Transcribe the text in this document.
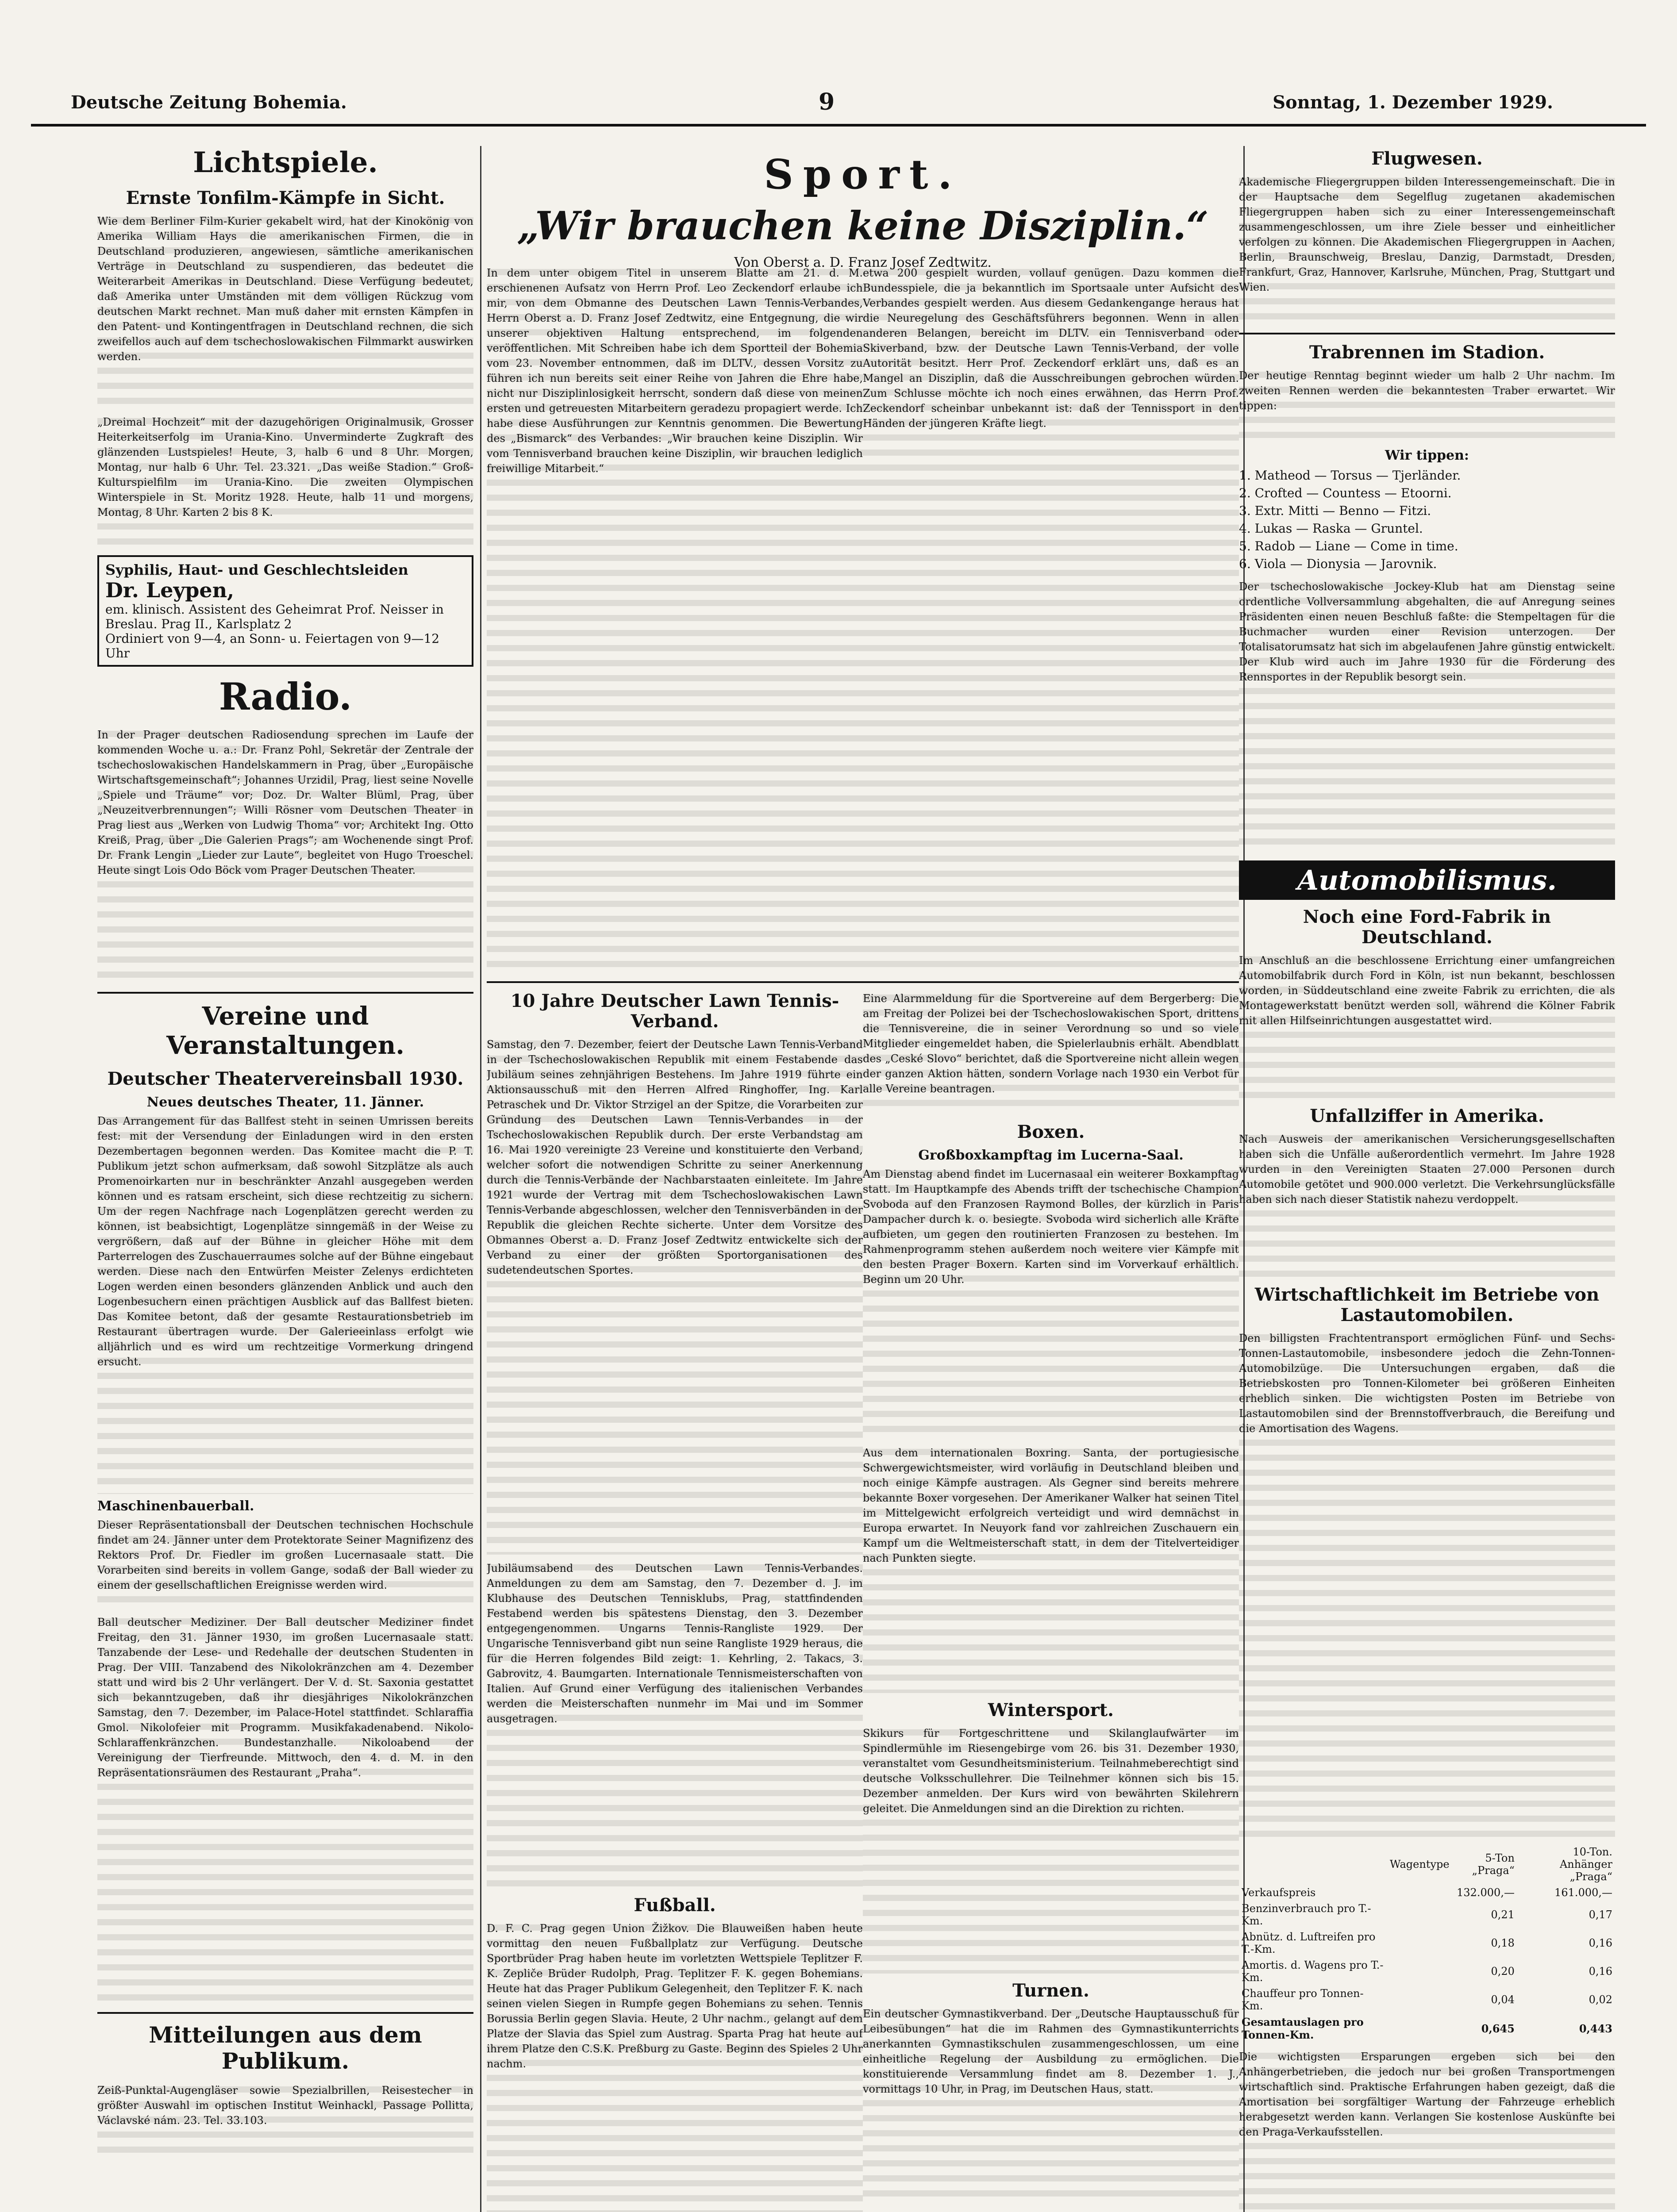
Deutsche Zeitung Bohemia.	9	Sonntag, 1. Dezember 1929.
Lichtspiele.
Ernste Tonfilm-Kämpfe in Sicht.
Wie dem Berliner Film-Kurier gekabelt wird, hat der Kinokönig von Amerika William Hays die amerikanischen Firmen, die in Deutschland produzieren, angewiesen, sämtliche amerikanischen Verträge in Deutschland zu suspendieren, das bedeutet die Weiterarbeit Amerikas in Deutschland. Diese Verfügung bedeutet, daß Amerika unter Umständen mit dem völligen Rückzug vom deutschen Markt rechnet. Man muß daher mit ernsten Kämpfen in den Patent- und Kontingentfragen in Deutschland rechnen, die sich zweifellos auch auf dem tschechoslowakischen Filmmarkt auswirken werden.
„Dreimal Hochzeit“ mit der dazugehörigen Originalmusik, Grosser Heiterkeitserfolg im Urania-Kino. Unverminderte Zugkraft des glänzenden Lustspieles! Heute, 3, halb 6 und 8 Uhr. Morgen, Montag, nur halb 6 Uhr. Tel. 23.321. „Das weiße Stadion.“ Groß-Kulturspielfilm im Urania-Kino. Die zweiten Olympischen Winterspiele in St. Moritz 1928. Heute, halb 11 und morgens, Montag, 8 Uhr. Karten 2 bis 8 K.
Syphilis, Haut- und Geschlechtsleiden
Dr. Leypen,
em. klinisch. Assistent des Geheimrat Prof. Neisser in Breslau. Prag II., Karlsplatz 2
Ordiniert von 9—4, an Sonn- u. Feiertagen von 9—12 Uhr
Radio.
In der Prager deutschen Radiosendung sprechen im Laufe der kommenden Woche u. a.: Dr. Franz Pohl, Sekretär der Zentrale der tschechoslowakischen Handelskammern in Prag, über „Europäische Wirtschaftsgemeinschaft“; Johannes Urzidil, Prag, liest seine Novelle „Spiele und Träume“ vor; Doz. Dr. Walter Blüml, Prag, über „Neuzeitverbrennungen“; Willi Rösner vom Deutschen Theater in Prag liest aus „Werken von Ludwig Thoma“ vor; Architekt Ing. Otto Kreiß, Prag, über „Die Galerien Prags“; am Wochenende singt Prof. Dr. Frank Lengin „Lieder zur Laute“, begleitet von Hugo Troeschel. Heute singt Lois Odo Böck vom Prager Deutschen Theater.
Vereine und Veranstaltungen.
Deutscher Theatervereinsball 1930.
Neues deutsches Theater, 11. Jänner.
Das Arrangement für das Ballfest steht in seinen Umrissen bereits fest: mit der Versendung der Einladungen wird in den ersten Dezembertagen begonnen werden. Das Komitee macht die P. T. Publikum jetzt schon aufmerksam, daß sowohl Sitzplätze als auch Promenoirkarten nur in beschränkter Anzahl ausgegeben werden können und es ratsam erscheint, sich diese rechtzeitig zu sichern. Um der regen Nachfrage nach Logenplätzen gerecht werden zu können, ist beabsichtigt, Logenplätze sinngemäß in der Weise zu vergrößern, daß auf der Bühne in gleicher Höhe mit dem Parterrelogen des Zuschauerraumes solche auf der Bühne eingebaut werden. Diese nach den Entwürfen Meister Zelenys erdichteten Logen werden einen besonders glänzenden Anblick und auch den Logenbesuchern einen prächtigen Ausblick auf das Ballfest bieten. Das Komitee betont, daß der gesamte Restaurationsbetrieb im Restaurant übertragen wurde. Der Galerieeinlass erfolgt wie alljährlich und es wird um rechtzeitige Vormerkung dringend ersucht.
Maschinenbauerball.
Dieser Repräsentationsball der Deutschen technischen Hochschule findet am 24. Jänner unter dem Protektorate Seiner Magnifizenz des Rektors Prof. Dr. Fiedler im großen Lucernasaale statt. Die Vorarbeiten sind bereits in vollem Gange, sodaß der Ball wieder zu einem der gesellschaftlichen Ereignisse werden wird.
Ball deutscher Mediziner. Der Ball deutscher Mediziner findet Freitag, den 31. Jänner 1930, im großen Lucernasaale statt. Tanzabende der Lese- und Redehalle der deutschen Studenten in Prag. Der VIII. Tanzabend des Nikolokränzchen am 4. Dezember statt und wird bis 2 Uhr verlängert. Der V. d. St. Saxonia gestattet sich bekanntzugeben, daß ihr diesjähriges Nikolokränzchen Samstag, den 7. Dezember, im Palace-Hotel stattfindet. Schlaraffia Gmol. Nikolofeier mit Programm. Musikfakadenabend. Nikolo-Schlaraffenkränzchen. Bundestanzhalle. Nikoloabend der Vereinigung der Tierfreunde. Mittwoch, den 4. d. M. in den Repräsentationsräumen des Restaurant „Praha“.
Mitteilungen aus dem Publikum.
Zeiß-Punktal-Augengläser sowie Spezialbrillen, Reisestecher in größter Auswahl im optischen Institut Weinhackl, Passage Pollitta, Václavské nám. 23. Tel. 33.103.
Sport.
„Wir brauchen keine Disziplin.“
Von Oberst a. D. Franz Josef Zedtwitz.
In dem unter obigem Titel in unserem Blatte am 21. d. M. erschienenen Aufsatz von Herrn Prof. Leo Zeckendorf erlaube ich mir, von dem Obmanne des Deutschen Lawn Tennis-Verbandes, Herrn Oberst a. D. Franz Josef Zedtwitz, eine Entgegnung, die wir unserer objektiven Haltung entsprechend, im folgenden veröffentlichen. Mit Schreiben habe ich dem Sportteil der Bohemia vom 23. November entnommen, daß im DLTV., dessen Vorsitz zu führen ich nun bereits seit einer Reihe von Jahren die Ehre habe, nicht nur Disziplinlosigkeit herrscht, sondern daß diese von meinen ersten und getreuesten Mitarbeitern geradezu propagiert werde. Ich habe diese Ausführungen zur Kenntnis genommen. Die Bewertung des „Bismarck“ des Verbandes: „Wir brauchen keine Disziplin. Wir vom Tennisverband brauchen keine Disziplin, wir brauchen lediglich freiwillige Mitarbeit.“
10 Jahre Deutscher Lawn Tennis-Verband.
Samstag, den 7. Dezember, feiert der Deutsche Lawn Tennis-Verband in der Tschechoslowakischen Republik mit einem Festabende das Jubiläum seines zehnjährigen Bestehens. Im Jahre 1919 führte ein Aktionsausschuß mit den Herren Alfred Ringhoffer, Ing. Karl Petraschek und Dr. Viktor Strzigel an der Spitze, die Vorarbeiten zur Gründung des Deutschen Lawn Tennis-Verbandes in der Tschechoslowakischen Republik durch. Der erste Verbandstag am 16. Mai 1920 vereinigte 23 Vereine und konstituierte den Verband, welcher sofort die notwendigen Schritte zu seiner Anerkennung durch die Tennis-Verbände der Nachbarstaaten einleitete. Im Jahre 1921 wurde der Vertrag mit dem Tschechoslowakischen Lawn Tennis-Verbande abgeschlossen, welcher den Tennisverbänden in der Republik die gleichen Rechte sicherte. Unter dem Vorsitze des Obmannes Oberst a. D. Franz Josef Zedtwitz entwickelte sich der Verband zu einer der größten Sportorganisationen des sudetendeutschen Sportes.
Jubiläumsabend des Deutschen Lawn Tennis-Verbandes. Anmeldungen zu dem am Samstag, den 7. Dezember d. J. im Klubhause des Deutschen Tennisklubs, Prag, stattfindenden Festabend werden bis spätestens Dienstag, den 3. Dezember entgegengenommen. Ungarns Tennis-Rangliste 1929. Der Ungarische Tennisverband gibt nun seine Rangliste 1929 heraus, die für die Herren folgendes Bild zeigt: 1. Kehrling, 2. Takacs, 3. Gabrovitz, 4. Baumgarten. Internationale Tennismeisterschaften von Italien. Auf Grund einer Verfügung des italienischen Verbandes werden die Meisterschaften nunmehr im Mai und im Sommer ausgetragen.
Fußball.
D. F. C. Prag gegen Union Žižkov. Die Blauweißen haben heute vormittag den neuen Fußballplatz zur Verfügung. Deutsche Sportbrüder Prag haben heute im vorletzten Wettspiele Teplitzer F. K. Zepliče Brüder Rudolph, Prag. Teplitzer F. K. gegen Bohemians. Heute hat das Prager Publikum Gelegenheit, den Teplitzer F. K. nach seinen vielen Siegen in Rumpfe gegen Bohemians zu sehen. Tennis Borussia Berlin gegen Slavia. Heute, 2 Uhr nachm., gelangt auf dem Platze der Slavia das Spiel zum Austrag. Sparta Prag hat heute auf ihrem Platze den C.S.K. Preßburg zu Gaste. Beginn des Spieles 2 Uhr nachm.
etwa 200 gespielt wurden, vollauf genügen. Dazu kommen die Bundesspiele, die ja bekanntlich im Sportsaale unter Aufsicht des Verbandes gespielt werden. Aus diesem Gedankengange heraus hat die Neuregelung des Geschäftsführers begonnen. Wenn in allen anderen Belangen, bereicht im DLTV. ein Tennisverband oder Skiverband, bzw. der Deutsche Lawn Tennis-Verband, der volle Autorität besitzt. Herr Prof. Zeckendorf erklärt uns, daß es an Mangel an Disziplin, daß die Ausschreibungen gebrochen würden. Zum Schlusse möchte ich noch eines erwähnen, das Herrn Prof. Zeckendorf scheinbar unbekannt ist: daß der Tennissport in den Händen der jüngeren Kräfte liegt.
Eine Alarmmeldung für die Sportvereine auf dem Bergerberg: Die am Freitag der Polizei bei der Tschechoslowakischen Sport, drittens die Tennisvereine, die in seiner Verordnung so und so viele Mitglieder eingemeldet haben, die Spielerlaubnis erhält. Abendblatt des „Ceské Slovo“ berichtet, daß die Sportvereine nicht allein wegen der ganzen Aktion hätten, sondern Vorlage nach 1930 ein Verbot für alle Vereine beantragen.
Boxen.
Großboxkampftag im Lucerna-Saal.
Am Dienstag abend findet im Lucernasaal ein weiterer Boxkampftag statt. Im Hauptkampfe des Abends trifft der tschechische Champion Svoboda auf den Franzosen Raymond Bolles, der kürzlich in Paris Dampacher durch k. o. besiegte. Svoboda wird sicherlich alle Kräfte aufbieten, um gegen den routinierten Franzosen zu bestehen. Im Rahmenprogramm stehen außerdem noch weitere vier Kämpfe mit den besten Prager Boxern. Karten sind im Vorverkauf erhältlich. Beginn um 20 Uhr.
Aus dem internationalen Boxring. Santa, der portugiesische Schwergewichtsmeister, wird vorläufig in Deutschland bleiben und noch einige Kämpfe austragen. Als Gegner sind bereits mehrere bekannte Boxer vorgesehen. Der Amerikaner Walker hat seinen Titel im Mittelgewicht erfolgreich verteidigt und wird demnächst in Europa erwartet. In Neuyork fand vor zahlreichen Zuschauern ein Kampf um die Weltmeisterschaft statt, in dem der Titelverteidiger nach Punkten siegte.
Wintersport.
Skikurs für Fortgeschrittene und Skilanglaufwärter im Spindlermühle im Riesengebirge vom 26. bis 31. Dezember 1930, veranstaltet vom Gesundheitsministerium. Teilnahmeberechtigt sind deutsche Volksschullehrer. Die Teilnehmer können sich bis 15. Dezember anmelden. Der Kurs wird von bewährten Skilehrern geleitet. Die Anmeldungen sind an die Direktion zu richten.
Turnen.
Ein deutscher Gymnastikverband. Der „Deutsche Hauptausschuß für Leibesübungen“ hat die im Rahmen des Gymnastikunterrichts anerkannten Gymnastikschulen zusammengeschlossen, um eine einheitliche Regelung der Ausbildung zu ermöglichen. Die konstituierende Versammlung findet am 8. Dezember 1. J., vormittags 10 Uhr, in Prag, im Deutschen Haus, statt.
Flugwesen.
Akademische Fliegergruppen bilden Interessengemeinschaft. Die in der Hauptsache dem Segelflug zugetanen akademischen Fliegergruppen haben sich zu einer Interessengemeinschaft zusammengeschlossen, um ihre Ziele besser und einheitlicher verfolgen zu können. Die Akademischen Fliegergruppen in Aachen, Berlin, Braunschweig, Breslau, Danzig, Darmstadt, Dresden, Frankfurt, Graz, Hannover, Karlsruhe, München, Prag, Stuttgart und Wien.
Trabrennen im Stadion.
Der heutige Renntag beginnt wieder um halb 2 Uhr nachm. Im zweiten Rennen werden die bekanntesten Traber erwartet. Wir tippen:
Wir tippen:
1. Matheod — Torsus — Tjerländer.
2. Crofted — Countess — Etoorni.
3. Extr. Mitti — Benno — Fitzi.
4. Lukas — Raska — Gruntel.
5. Radob — Liane — Come in time.
6. Viola — Dionysia — Jarovnik.
Der tschechoslowakische Jockey-Klub hat am Dienstag seine ordentliche Vollversammlung abgehalten, die auf Anregung seines Präsidenten einen neuen Beschluß faßte: die Stempeltagen für die Buchmacher wurden einer Revision unterzogen. Der Totalisatorumsatz hat sich im abgelaufenen Jahre günstig entwickelt. Der Klub wird auch im Jahre 1930 für die Förderung des Rennsportes in der Republik besorgt sein.
Automobilismus.
Noch eine Ford-Fabrik in Deutschland.
Im Anschluß an die beschlossene Errichtung einer umfangreichen Automobilfabrik durch Ford in Köln, ist nun bekannt, beschlossen worden, in Süddeutschland eine zweite Fabrik zu errichten, die als Montagewerkstatt benützt werden soll, während die Kölner Fabrik mit allen Hilfseinrichtungen ausgestattet wird.
Unfallziffer in Amerika.
Nach Ausweis der amerikanischen Versicherungsgesellschaften haben sich die Unfälle außerordentlich vermehrt. Im Jahre 1928 wurden in den Vereinigten Staaten 27.000 Personen durch Automobile getötet und 900.000 verletzt. Die Verkehrsunglücksfälle haben sich nach dieser Statistik nahezu verdoppelt.
Wirtschaftlichkeit im Betriebe von Lastautomobilen.
Den billigsten Frachtentransport ermöglichen Fünf- und Sechs-Tonnen-Lastautomobile, insbesondere jedoch die Zehn-Tonnen-Automobilzüge. Die Untersuchungen ergaben, daß die Betriebskosten pro Tonnen-Kilometer bei größeren Einheiten erheblich sinken. Die wichtigsten Posten im Betriebe von Lastautomobilen sind der Brennstoffverbrauch, die Bereifung und die Amortisation des Wagens.
	Wagentype	5-Ton „Praga“	10-Ton. Anhänger „Praga“
Verkaufspreis		132.000,—	161.000,—
Benzinverbrauch pro T.-Km.		0,21	0,17
Abnütz. d. Luftreifen pro T.-Km.		0,18	0,16
Amortis. d. Wagens pro T.-Km.		0,20	0,16
Chauffeur pro Tonnen-Km.		0,04	0,02
Gesamtauslagen pro Tonnen-Km.		0,645	0,443
Die wichtigsten Ersparungen ergeben sich bei den Anhängerbetrieben, die jedoch nur bei großen Transportmengen wirtschaftlich sind. Praktische Erfahrungen haben gezeigt, daß die Amortisation bei sorgfältiger Wartung der Fahrzeuge erheblich herabgesetzt werden kann. Verlangen Sie kostenlose Auskünfte bei den Praga-Verkaufsstellen.
